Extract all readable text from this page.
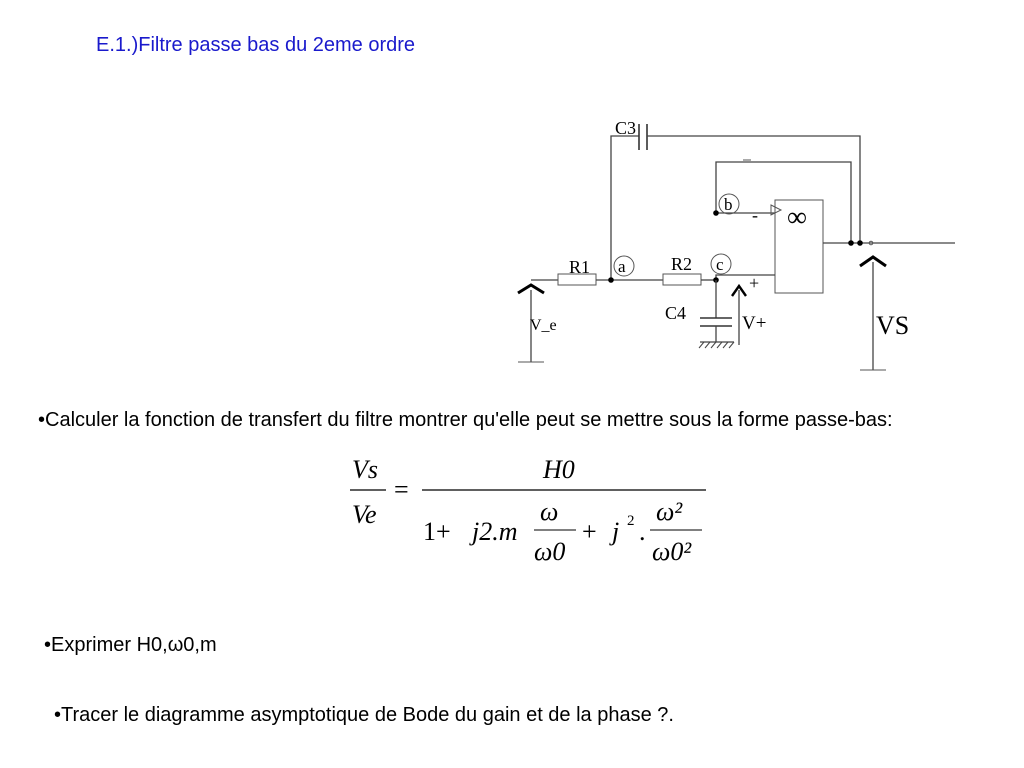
E.1.)Filtre passe bas du 2eme ordre
C3
R1	R2
C4
a
b
c
-
+
∞
V_e	V+	VS
•Calculer la fonction de transfert du filtre montrer qu'elle peut se mettre sous la forme passe-bas:
Vs
Ve
=
H0
1+ j2.m
ω
ω0
+ j 2 .
ω²
ω0²
•Exprimer H0,ω0,m
•Tracer le diagramme asymptotique de Bode du gain et de la phase ?.
